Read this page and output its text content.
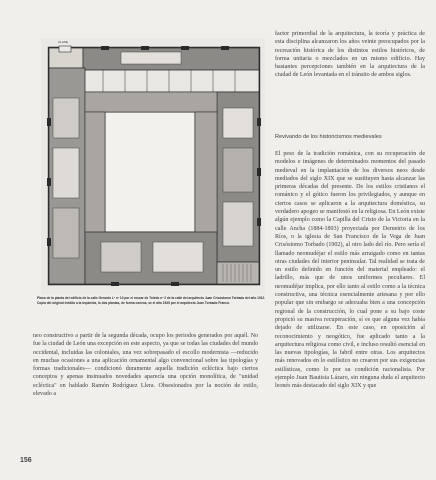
CLASE

Plano de la planta del edificio de la calle Gerardo Lº nº 10 por el roscar de Toledo nº 2 de la calle del arquitecto Juan Crisóstomo Torbado del año 1912. Copia del original inédito a la izquierda, lo dos plantas, de forma conexa, se el año 1935 por el arquitecto Juan Torbado Franco.

neo constructivo a partir de la segunda década, ocupo los periodos generados por aquél. No fue la ciudad de León una excepción en este aspecto, ya que se todas las ciudades del mundo occidental, incluidas las coloniales, una vez sobrepasado el escollo modernista —reducido en muchas ocasiones a una aplicación ornamental algo convencional sobre las tipologías y formas tradicionales— condicionó duramente aquella tradición ecléctica bajo ciertos conceptos y apenas insinuados novedades aparecía una opción monolítica, de "unidad ecléctica" en hablado Ramón Rodríguez Llera. Obsesionados por la noción de estilo, elevado a

factor primordial de la arquitectura, la teoría y práctica de esta disciplina alcanzaron los años veinte preocupados por la recreación histórica de los distintos estilos históricos, de forma unitaria o mezclados en un mismo edificio. Hay bastantes percepciones también en la arquitectura de la ciudad de León levantada en el tránsito de ambos siglos.

Revivando de los historicismos medievales

El peso de la tradición románica, con su recuperación de modelos e imágenes de determinados momentos del pasado medieval en la implantación de los diversos neos desde mediados del siglo XIX que se sustituyen hasta alcanzar las primeras décadas del presente. De los estilos cristianos el románico y el gótico fueron los privilegiados, y aunque en ciertos casos se aplicaron a la arquitectura doméstica, su verdadero apogeo se manifestó en la religiosa. En León existe algún ejemplo como la Capilla del Cristo de la Victoria en la calle Ancha (1884-1893) proyectada por Demetrio de los Ríos, o la iglesia de San Francisco de la Vega de Juan Crisóstomo Torbado (1902), al otro lado del río. Pero sería el llamado neomudéjar el estilo más arraigado como en tantas otras ciudades del interior peninsular. Tal realidad se trata de un estilo definido en función del material empleado: el ladrillo, más que de unos uniformes peculiares. El neomudéjar implica, por ello tanto al estilo como a la técnica constructiva, una técnica esencialmente artesana y por ello popular que sin embargo se adecuaba bien a una concepción regional de la construcción, lo cual pone a su bajo coste propició su masiva recuperación, sí es que alguna vez había dejado de utilizarse. En este caso, en oposición al reconocimiento y neogótico, fue aplicado tanto a la arquitectura religiosa como civil, e incluso resultó esencial en las nuevas tipologías, la fabril entre otras. Los arquitectos más renovados en lo estilístico no crearon por sus exigencias estilísticas, como lo por su condición racionalista. Por ejemplo Juan Bautista Lázaro, sin ninguna duda el arquitecto leonés más destacado del siglo XIX y que

156
